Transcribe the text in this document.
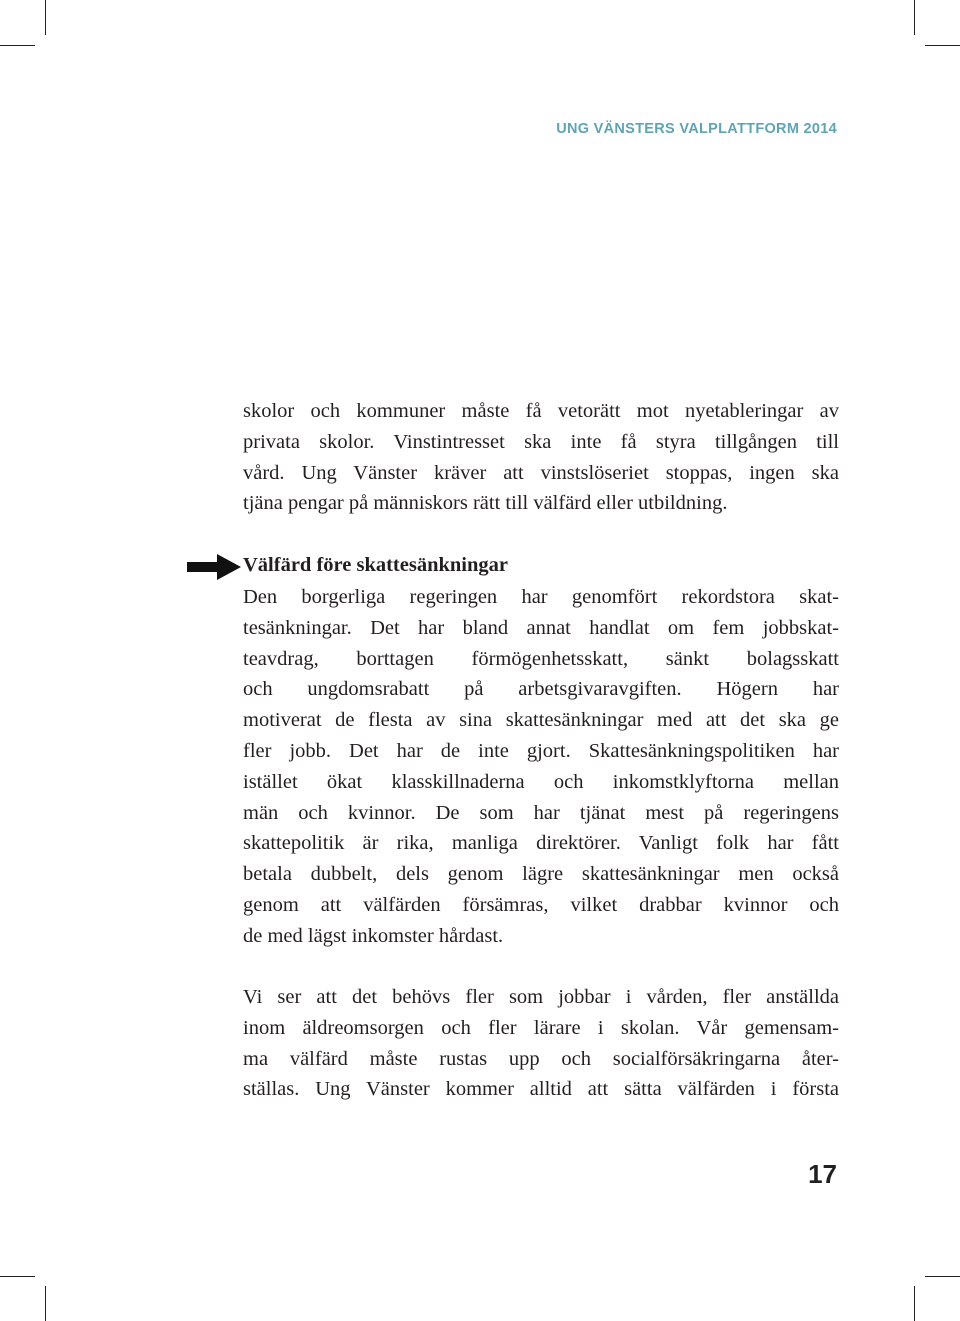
UNG VÄNSTERS VALPLATTFORM 2014
skolor och kommuner måste få vetorätt mot nyetableringar av
privata skolor. Vinstintresset ska inte få styra tillgången till
vård. Ung Vänster kräver att vinstslöseriet stoppas, ingen ska
tjäna pengar på människors rätt till välfärd eller utbildning.
Välfärd före skattesänkningar
Den borgerliga regeringen har genomfört rekordstora skat-
tesänkningar. Det har bland annat handlat om fem jobbskat-
teavdrag, borttagen förmögenhetsskatt, sänkt bolagsskatt
och ungdomsrabatt på arbetsgivaravgiften. Högern har
motiverat de flesta av sina skattesänkningar med att det ska ge
fler jobb. Det har de inte gjort. Skattesänkningspolitiken har
istället ökat klasskillnaderna och inkomstklyftorna mellan
män och kvinnor. De som har tjänat mest på regeringens
skattepolitik är rika, manliga direktörer. Vanligt folk har fått
betala dubbelt, dels genom lägre skattesänkningar men också
genom att välfärden försämras, vilket drabbar kvinnor och
de med lägst inkomster hårdast.
Vi ser att det behövs fler som jobbar i vården, fler anställda
inom äldreomsorgen och fler lärare i skolan. Vår gemensam-
ma välfärd måste rustas upp och socialförsäkringarna åter-
ställas. Ung Vänster kommer alltid att sätta välfärden i första
17
